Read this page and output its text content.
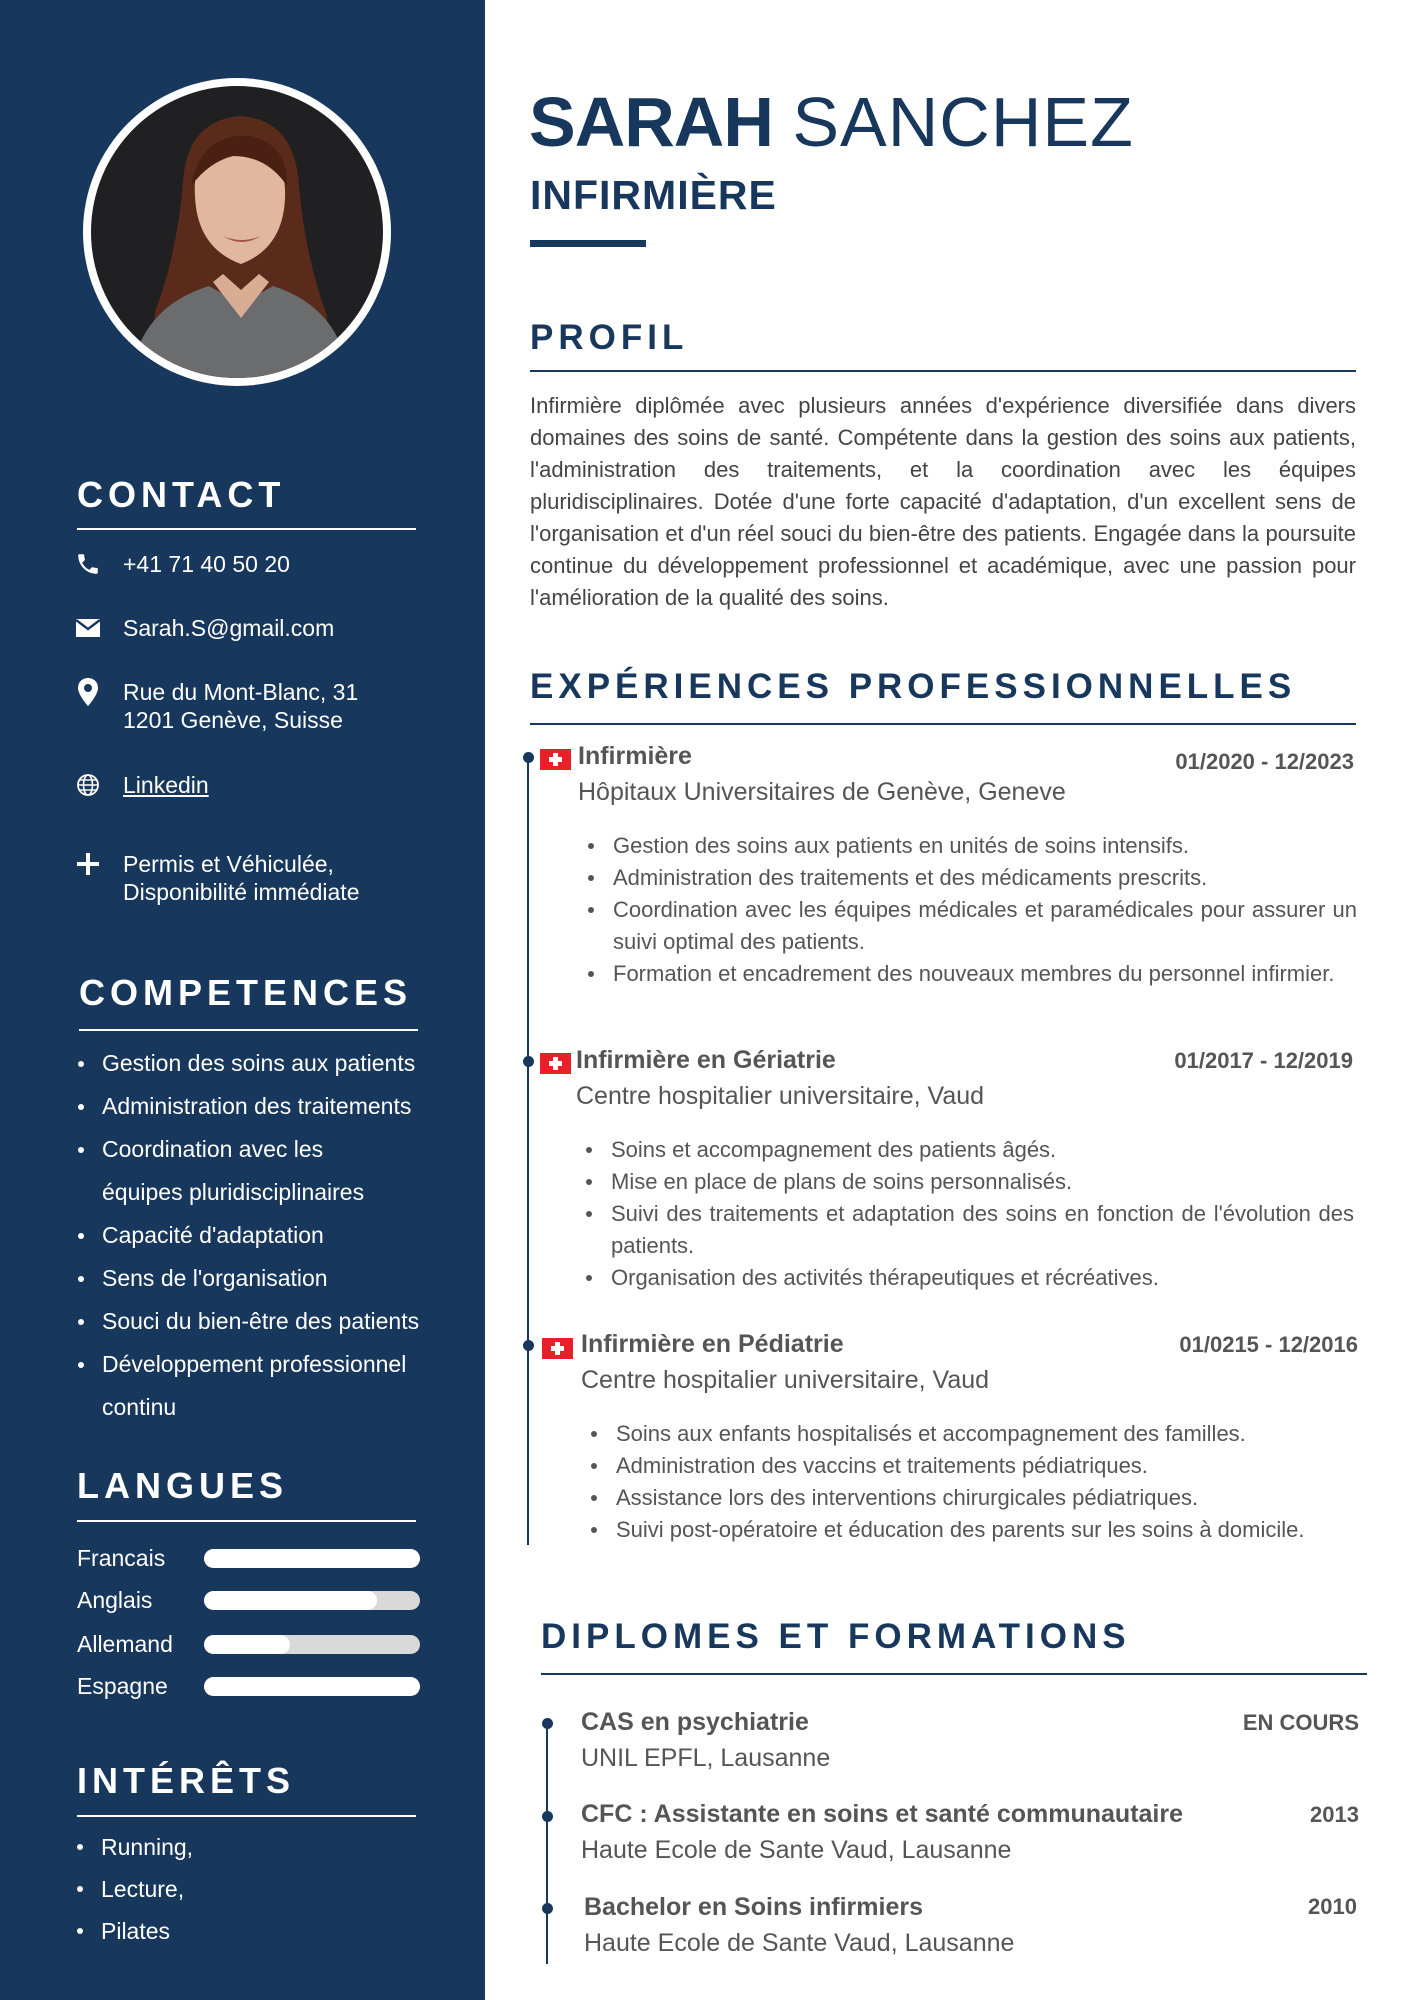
CONTACT
+41 71 40 50 20
Sarah.S@gmail.com
Rue du Mont-Blanc, 31
1201 Genève, Suisse
Linkedin
Permis et Véhiculée,
Disponibilité immédiate
COMPETENCES
Gestion des soins aux patients
Administration des traitements
Coordination avec les équipes pluridisciplinaires
Capacité d'adaptation
Sens de l'organisation
Souci du bien-être des patients
Développement professionnel continu
LANGUES
Francais
Anglais
Allemand
Espagne
INTÉRÊTS
Running,
Lecture,
Pilates
SARAH SANCHEZ
INFIRMIÈRE
PROFIL
Infirmière diplômée avec plusieurs années d'expérience diversifiée dans divers domaines des soins de santé. Compétente dans la gestion des soins aux patients, l'administration des traitements, et la coordination avec les équipes pluridisciplinaires. Dotée d'une forte capacité d'adaptation, d'un excellent sens de l'organisation et d'un réel souci du bien-être des patients. Engagée dans la poursuite continue du développement professionnel et académique, avec une passion pour l'amélioration de la qualité des soins.
EXPÉRIENCES PROFESSIONNELLES
Infirmière	01/2020 - 12/2023
Hôpitaux Universitaires de Genève, Geneve
Gestion des soins aux patients en unités de soins intensifs.
Administration des traitements et des médicaments prescrits.
Coordination avec les équipes médicales et paramédicales pour assurer un suivi optimal des patients.
Formation et encadrement des nouveaux membres du personnel infirmier.
Infirmière en Gériatrie	01/2017 - 12/2019
Centre hospitalier universitaire, Vaud
Soins et accompagnement des patients âgés.
Mise en place de plans de soins personnalisés.
Suivi des traitements et adaptation des soins en fonction de l'évolution des patients.
Organisation des activités thérapeutiques et récréatives.
Infirmière en Pédiatrie	01/0215 - 12/2016
Centre hospitalier universitaire, Vaud
Soins aux enfants hospitalisés et accompagnement des familles.
Administration des vaccins et traitements pédiatriques.
Assistance lors des interventions chirurgicales pédiatriques.
Suivi post-opératoire et éducation des parents sur les soins à domicile.
DIPLOMES ET FORMATIONS
CAS en psychiatrie	EN COURS
UNIL EPFL, Lausanne
CFC : Assistante en soins et santé communautaire	2013
Haute Ecole de Sante Vaud, Lausanne
Bachelor en Soins infirmiers	2010
Haute Ecole de Sante Vaud, Lausanne
